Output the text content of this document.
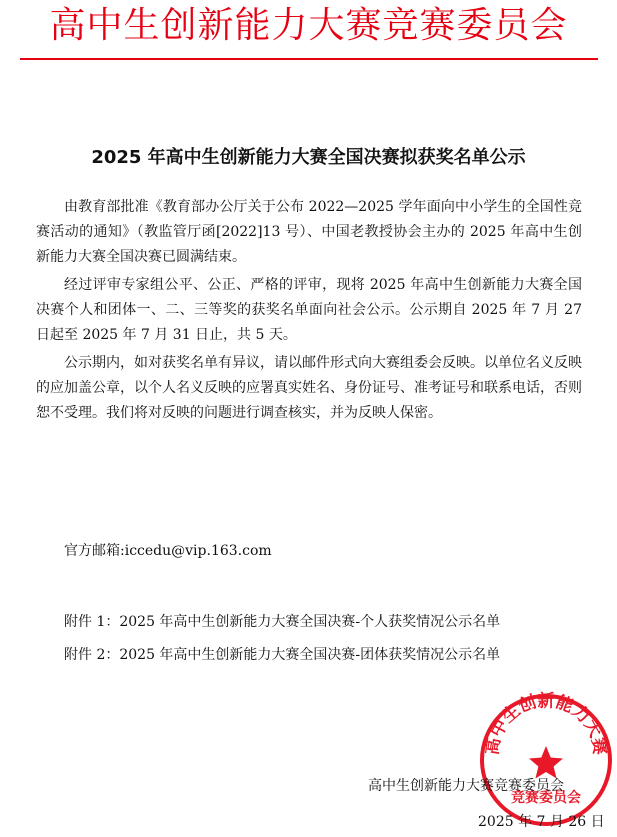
高中生创新能力大赛竞赛委员会
2025 年高中生创新能力大赛全国决赛拟获奖名单公示

由教育部批准《教育部办公厅关于公布 2022—2025 学年面向中小学生的全国性竞赛活动的通知》（教监管厅函[2022]13 号）、中国老教授协会主办的 2025 年高中生创新能力大赛全国决赛已圆满结束。

经过评审专家组公平、公正、严格的评审，现将 2025 年高中生创新能力大赛全国决赛个人和团体一、二、三等奖的获奖名单面向社会公示。公示期自 2025 年 7 月 27 日起至 2025 年 7 月 31 日止，共 5 天。

公示期内，如对获奖名单有异议，请以邮件形式向大赛组委会反映。以单位名义反映的应加盖公章，以个人名义反映的应署真实姓名、身份证号、准考证号和联系电话，否则恕不受理。我们将对反映的问题进行调查核实，并为反映人保密。

官方邮箱:iccedu@vip.163.com
附件 1：2025 年高中生创新能力大赛全国决赛-个人获奖情况公示名单
附件 2：2025 年高中生创新能力大赛全国决赛-团体获奖情况公示名单
高中生创新能力大赛
竞赛委员会
高中生创新能力大赛竞赛委员会
2025 年 7 月 26 日
